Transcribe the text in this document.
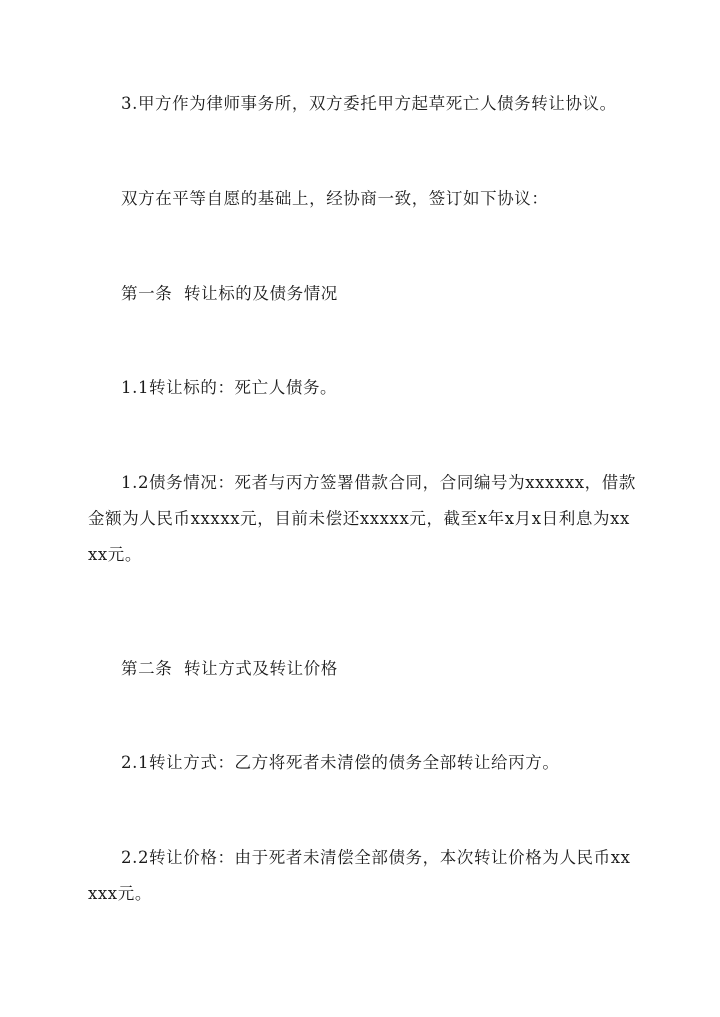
3.甲方作为律师事务所，双方委托甲方起草死亡人债务转让协议。

双方在平等自愿的基础上，经协商一致，签订如下协议：

第一条  转让标的及债务情况

1.1转让标的：死亡人债务。

1.2债务情况：死者与丙方签署借款合同，合同编号为xxxxxx，借款金额为人民币xxxxx元，目前未偿还xxxxx元，截至x年x月x日利息为xxxx元。

第二条  转让方式及转让价格

2.1转让方式：乙方将死者未清偿的债务全部转让给丙方。

2.2转让价格：由于死者未清偿全部债务，本次转让价格为人民币xxxxx元。
